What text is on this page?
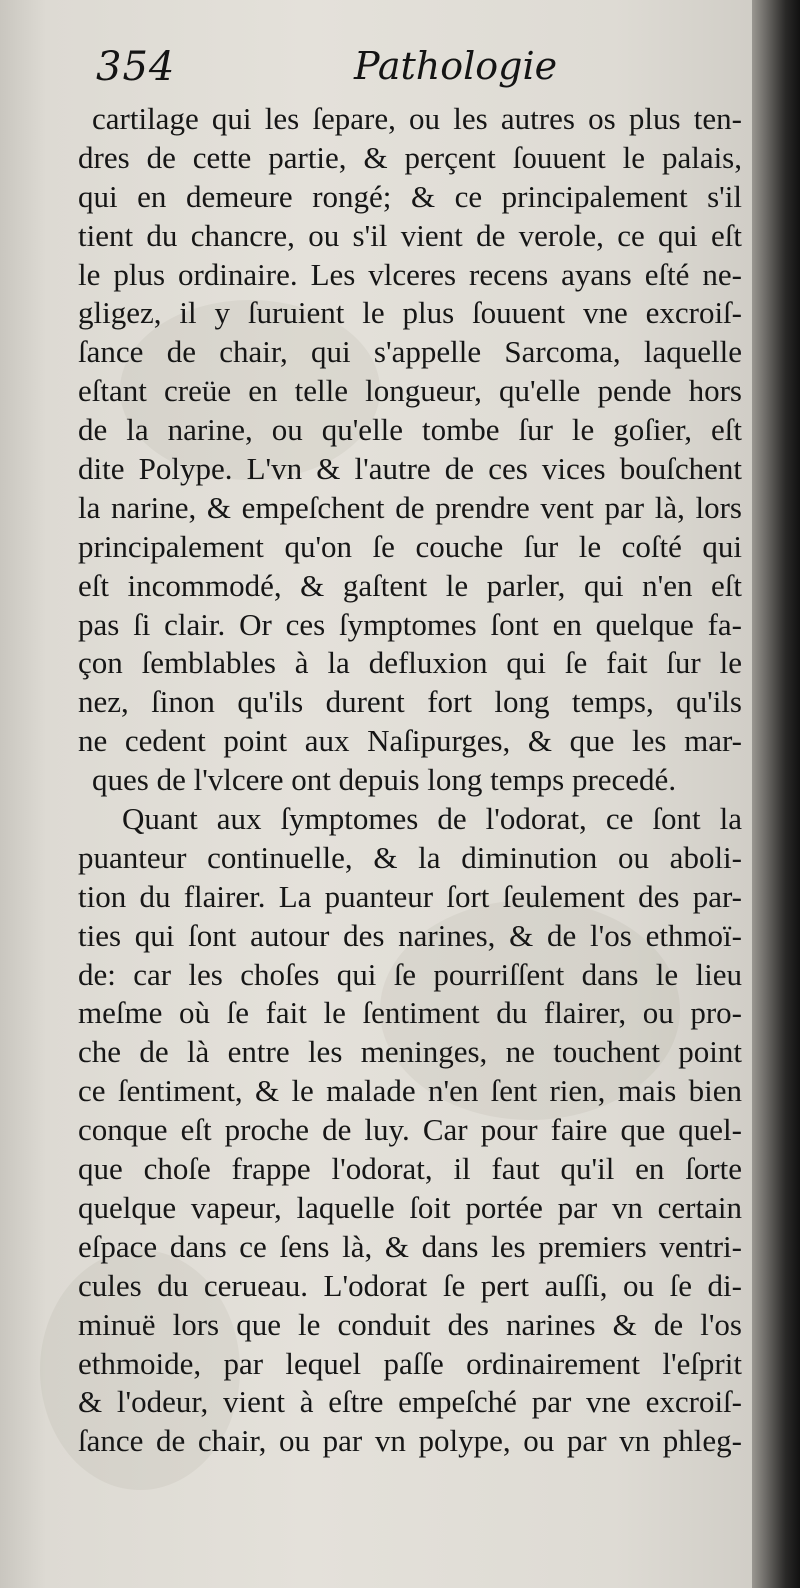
354	Pathologie
cartilage qui les ſepare, ou les autres os plus ten-
dres de cette partie, & perçent ſouuent le palais,
qui en demeure rongé; & ce principalement s'il
tient du chancre, ou s'il vient de verole, ce qui eſt
le plus ordinaire. Les vlceres recens ayans eſté ne-
gligez, il y ſuruient le plus ſouuent vne excroiſ-
ſance de chair, qui s'appelle Sarcoma, laquelle
eſtant creüe en telle longueur, qu'elle pende hors
de la narine, ou qu'elle tombe ſur le goſier, eſt
dite Polype. L'vn & l'autre de ces vices bouſchent
la narine, & empeſchent de prendre vent par là, lors
principalement qu'on ſe couche ſur le coſté qui
eſt incommodé, & gaſtent le parler, qui n'en eſt
pas ſi clair. Or ces ſymptomes ſont en quelque fa-
çon ſemblables à la defluxion qui ſe fait ſur le
nez, ſinon qu'ils durent fort long temps, qu'ils
ne cedent point aux Naſipurges, & que les mar-
ques de l'vlcere ont depuis long temps precedé.
Quant aux ſymptomes de l'odorat, ce ſont la
puanteur continuelle, & la diminution ou aboli-
tion du flairer. La puanteur ſort ſeulement des par-
ties qui ſont autour des narines, & de l'os ethmoï-
de: car les choſes qui ſe pourriſſent dans le lieu
meſme où ſe fait le ſentiment du flairer, ou pro-
che de là entre les meninges, ne touchent point
ce ſentiment, & le malade n'en ſent rien, mais bien
conque eſt proche de luy. Car pour faire que quel-
que choſe frappe l'odorat, il faut qu'il en ſorte
quelque vapeur, laquelle ſoit portée par vn certain
eſpace dans ce ſens là, & dans les premiers ventri-
cules du cerueau. L'odorat ſe pert auſſi, ou ſe di-
minuë lors que le conduit des narines & de l'os
ethmoide, par lequel paſſe ordinairement l'eſprit
& l'odeur, vient à eſtre empeſché par vne excroiſ-
ſance de chair, ou par vn polype, ou par vn phleg-
